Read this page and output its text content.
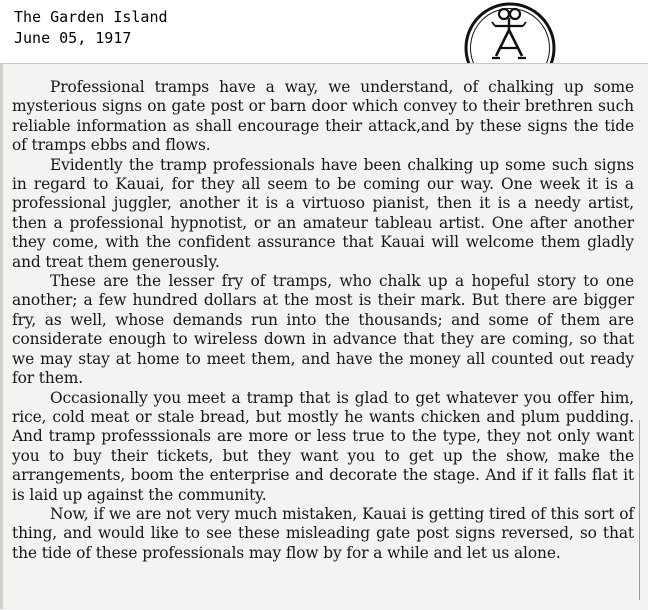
The Garden Island
June 05, 1917

Professional tramps have a way, we understand, of chalking up some mysterious signs on gate post or barn door which convey to their brethren such reliable information as shall encourage their attack,and by these signs the tide of tramps ebbs and flows.

Evidently the tramp professionals have been chalking up some such signs in regard to Kauai, for they all seem to be coming our way. One week it is a professional juggler, another it is a virtuoso pianist, then it is a needy artist, then a professional hypnotist, or an amateur tableau artist. One after another they come, with the confident assurance that Kauai will welcome them gladly and treat them generously.

These are the lesser fry of tramps, who chalk up a hopeful story to one another; a few hundred dollars at the most is their mark. But there are bigger fry, as well, whose demands run into the thousands; and some of them are considerate enough to wireless down in advance that they are coming, so that we may stay at home to meet them, and have the money all counted out ready for them.

Occasionally you meet a tramp that is glad to get whatever you offer him, rice, cold meat or stale bread, but mostly he wants chicken and plum pudding. And tramp professsionals are more or less true to the type, they not only want you to buy their tickets, but they want you to get up the show, make the arrangements, boom the enterprise and decorate the stage. And if it falls flat it is laid up against the community.

Now, if we are not very much mistaken, Kauai is getting tired of this sort of thing, and would like to see these misleading gate post signs reversed, so that the tide of these professionals may flow by for a while and let us alone.
